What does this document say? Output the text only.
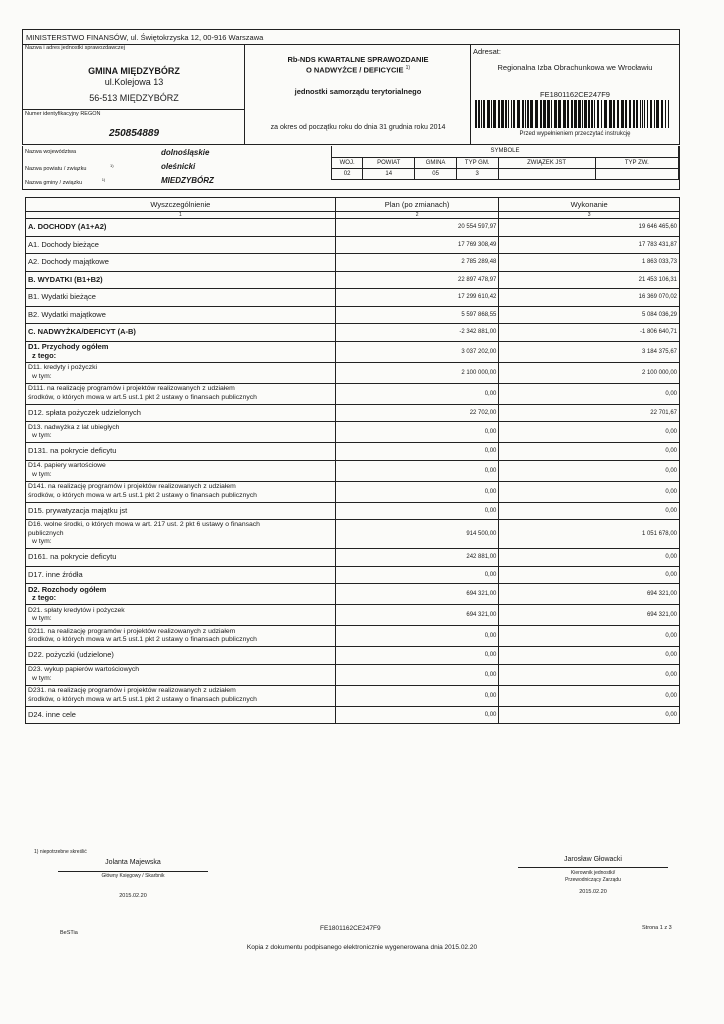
MINISTERSTWO FINANSÓW, ul. Świętokrzyska 12, 00-916 Warszawa
Nazwa i adres jednostki sprawozdawczej
GMINA MIĘDZYBÓRZ
ul.Kolejowa 13
56-513 MIĘDZYBÓRZ
Numer identyfikacyjny REGON
250854889
Rb-NDS KWARTALNE SPRAWOZDANIE
O NADWYŻCE / DEFICYCIE $^{1)}$
jednostki samorządu terytorialnego
za okres od początku roku do dnia 31 grudnia roku 2014
Adresat:
Regionalna Izba Obrachunkowa we Wrocławiu
FE1801162CE247F9
Przed wypełnieniem przeczytać instrukcję
Nazwa województwa	dolnośląskie
Nazwa powiatu / związku $^{1)}$	oleśnicki
Nazwa gminy / związku $^{1)}$	MIEDZYBÓRZ
SYMBOLE					
WOJ.	POWIAT	GMINA	TYP GM.	ZWIĄZEK JST	TYP ZW.
02	14	05	3		
Wyszczególnienie	Plan (po zmianach)	Wykonanie
1	2	3

A. DOCHODY (A1+A2)	20 554 597,97	19 646 465,60

A1. Dochody bieżące	17 769 308,49	17 783 431,87

A2. Dochody majątkowe	2 785 289,48	1 863 033,73

B. WYDATKI (B1+B2)	22 897 478,97	21 453 106,31

B1. Wydatki bieżące	17 299 610,42	16 369 070,02

B2. Wydatki majątkowe	5 597 868,55	5 084 036,29

C. NADWYŻKA/DEFICYT (A-B)	-2 342 881,00	-1 806 640,71

D1. Przychody ogółem
z tego:	3 037 202,00	3 184 375,67

D11. kredyty i pożyczki
w tym:	2 100 000,00	2 100 000,00

D111. na realizację programów i projektów realizowanych z udziałem
środków, o których mowa w art.5 ust.1 pkt 2 ustawy o finansach publicznych	0,00	0,00

D12. spłata pożyczek udzielonych	22 702,00	22 701,67

D13. nadwyżka z lat ubiegłych
w tym:	0,00	0,00

D131. na pokrycie deficytu	0,00	0,00

D14. papiery wartościowe
w tym:	0,00	0,00

D141. na realizację programów i projektów realizowanych z udziałem
środków, o których mowa w art.5 ust.1 pkt 2 ustawy o finansach publicznych	0,00	0,00

D15. prywatyzacja majątku jst	0,00	0,00

D16. wolne środki, o których mowa w art. 217 ust. 2 pkt 6 ustawy o finansach
publicznych
w tym:	914 500,00	1 051 678,00

D161. na pokrycie deficytu	242 881,00	0,00

D17. inne źródła	0,00	0,00

D2. Rozchody ogółem
z tego:	694 321,00	694 321,00

D21. spłaty kredytów i pożyczek
w tym:	694 321,00	694 321,00

D211. na realizację programów i projektów realizowanych z udziałem
środków, o których mowa w art.5 ust.1 pkt 2 ustawy o finansach publicznych	0,00	0,00

D22. pożyczki (udzielone)	0,00	0,00

D23. wykup papierów wartościowych
w tym:	0,00	0,00

D231. na realizację programów i projektów realizowanych z udziałem
środków, o których mowa w art.5 ust.1 pkt 2 ustawy o finansach publicznych	0,00	0,00

D24. inne cele	0,00	0,00
1) niepotrzebne skreślić
Jolanta Majewska
Główny Księgowy / Skarbnik
2015.02.20
Jarosław Głowacki
Kierownik jednostki/
Przewodniczący Zarządu
2015.02.20
BeSTia
FE1801162CE247F9	Strona 1 z 3
Kopia z dokumentu podpisanego elektronicznie wygenerowana dnia 2015.02.20
